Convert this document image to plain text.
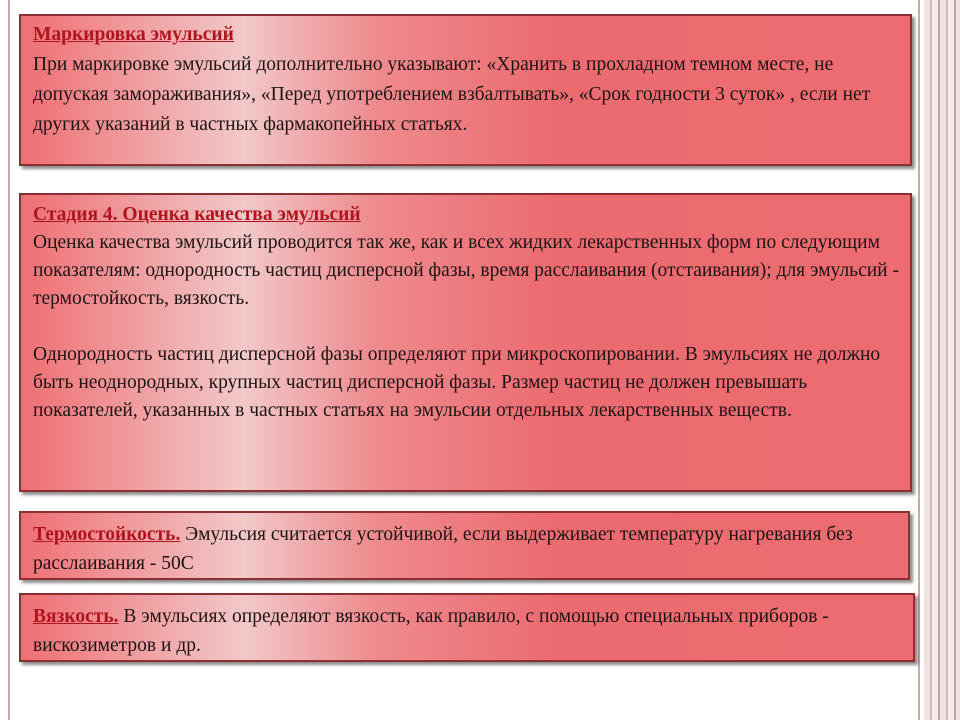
Маркировка эмульсий

При маркировке эмульсий дополнительно указывают: «Хранить в прохладном темном месте, не допуская замораживания», «Перед употреблением взбалтывать», «Срок годности 3 суток» , если нет других указаний в частных фармакопейных статьях.

Стадия 4. Оценка качества эмульсий

Оценка качества эмульсий проводится так же, как и всех жидких лекарственных форм по следующим показателям: однородность частиц дисперсной фазы, время расслаивания (отстаивания); для эмульсий - термостойкость, вязкость.

Однородность частиц дисперсной фазы определяют при микроскопировании. В эмульсиях не должно быть неоднородных, крупных частиц дисперсной фазы. Размер частиц не должен превышать показателей, указанных в частных статьях на эмульсии отдельных лекарственных веществ.

Термостойкость. Эмульсия считается устойчивой, если выдерживает температуру нагревания без расслаивания - 50С

Вязкость. В эмульсиях определяют вязкость, как правило, с помощью специальных приборов - вискозиметров и др.
